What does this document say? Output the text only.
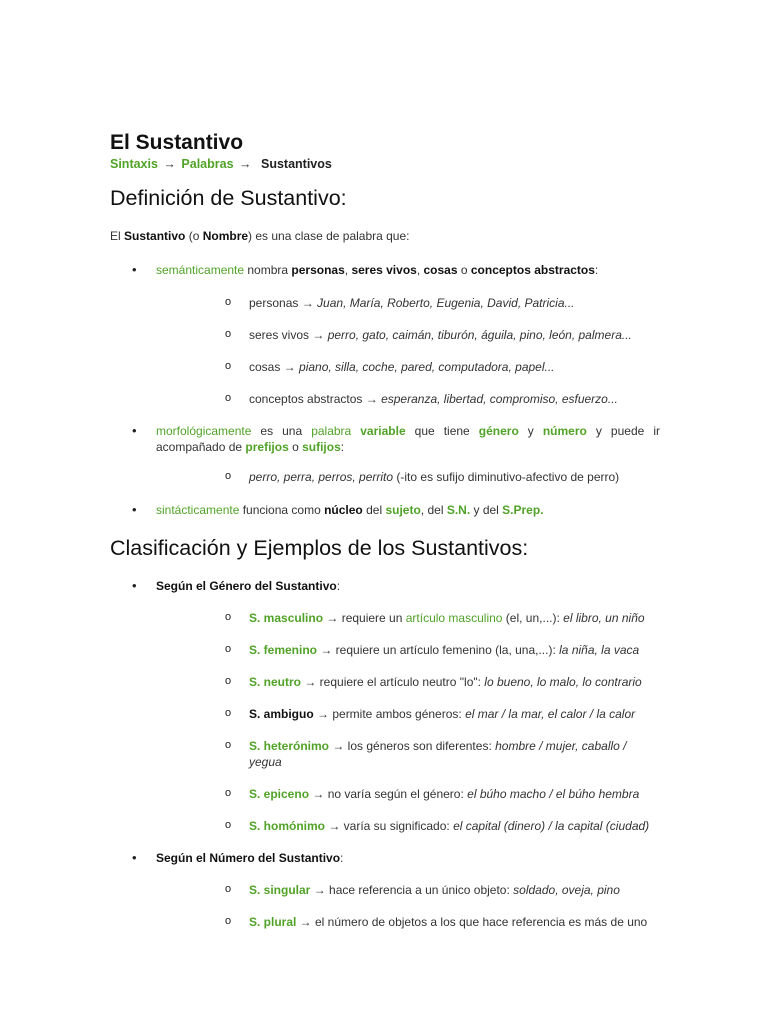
El Sustantivo
Sintaxis → Palabras → Sustantivos
Definición de Sustantivo:
El Sustantivo (o Nombre) es una clase de palabra que:
• semánticamente nombra personas, seres vivos, cosas o conceptos abstractos:
o personas → Juan, María, Roberto, Eugenia, David, Patricia...
o seres vivos → perro, gato, caimán, tiburón, águila, pino, león, palmera...
o cosas → piano, silla, coche, pared, computadora, papel...
o conceptos abstractos → esperanza, libertad, compromiso, esfuerzo...
• morfológicamente es una palabra variable que tiene género y número y puede ir acompañado de prefijos o sufijos:
o perro, perra, perros, perrito (-ito es sufijo diminutivo-afectivo de perro)
• sintácticamente funciona como núcleo del sujeto, del S.N. y del S.Prep.
Clasificación y Ejemplos de los Sustantivos:
• Según el Género del Sustantivo:
o S. masculino → requiere un artículo masculino (el, un,...): el libro, un niño
o S. femenino → requiere un artículo femenino (la, una,...): la niña, la vaca
o S. neutro → requiere el artículo neutro "lo": lo bueno, lo malo, lo contrario
o S. ambiguo → permite ambos géneros: el mar / la mar, el calor / la calor
o S. heterónimo → los géneros son diferentes: hombre / mujer, caballo / yegua
o S. epiceno → no varía según el género: el búho macho / el búho hembra
o S. homónimo → varía su significado: el capital (dinero) / la capital (ciudad)
• Según el Número del Sustantivo:
o S. singular → hace referencia a un único objeto: soldado, oveja, pino
o S. plural → el número de objetos a los que hace referencia es más de uno
